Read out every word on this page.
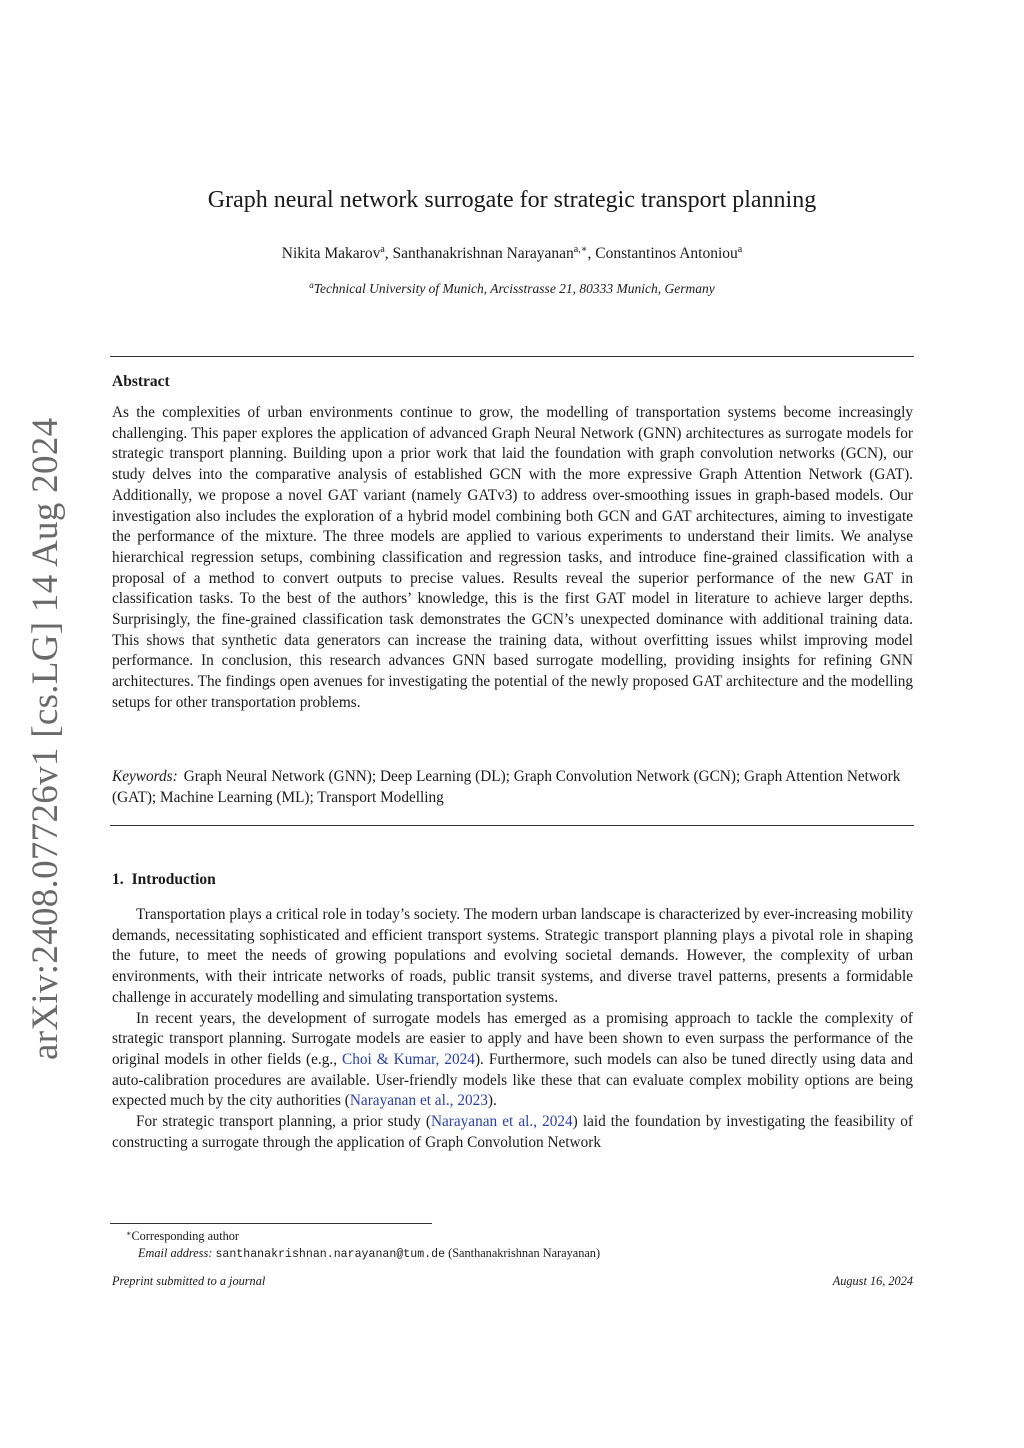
arXiv:2408.07726v1 [cs.LG] 14 Aug 2024
Graph neural network surrogate for strategic transport planning
Nikita Makarov$^a$, Santhanakrishnan Narayanan$^{a,∗}$, Constantinos Antoniou$^a$
$^a$Technical University of Munich, Arcisstrasse 21, 80333 Munich, Germany
Abstract
As the complexities of urban environments continue to grow, the modelling of transportation systems become increasingly challenging. This paper explores the application of advanced Graph Neural Network (GNN) architectures as surrogate models for strategic transport planning. Building upon a prior work that laid the foundation with graph convolution networks (GCN), our study delves into the comparative analysis of established GCN with the more expressive Graph Attention Network (GAT). Additionally, we propose a novel GAT variant (namely GATv3) to address over-smoothing issues in graph-based models. Our investigation also includes the exploration of a hybrid model combining both GCN and GAT architectures, aiming to investigate the performance of the mixture. The three models are applied to various experiments to understand their limits. We analyse hierarchical regression setups, combining classification and regression tasks, and introduce fine-grained classification with a proposal of a method to convert outputs to precise values. Results reveal the superior performance of the new GAT in classification tasks. To the best of the authors’ knowledge, this is the first GAT model in literature to achieve larger depths. Surprisingly, the fine-grained classification task demonstrates the GCN’s unexpected dominance with additional training data. This shows that synthetic data generators can increase the training data, without overfitting issues whilst improving model performance. In conclusion, this research advances GNN based surrogate modelling, providing insights for refining GNN architectures. The findings open avenues for investigating the potential of the newly proposed GAT architecture and the modelling setups for other transportation problems.
Keywords: Graph Neural Network (GNN); Deep Learning (DL); Graph Convolution Network (GCN); Graph Attention Network (GAT); Machine Learning (ML); Transport Modelling
1. Introduction

Transportation plays a critical role in today’s society. The modern urban landscape is characterized by ever-increasing mobility demands, necessitating sophisticated and efficient transport systems. Strategic transport planning plays a pivotal role in shaping the future, to meet the needs of growing populations and evolving societal demands. However, the complexity of urban environments, with their intricate networks of roads, public transit systems, and diverse travel patterns, presents a formidable challenge in accurately modelling and simulating transportation systems.

In recent years, the development of surrogate models has emerged as a promising approach to tackle the complexity of strategic transport planning. Surrogate models are easier to apply and have been shown to even surpass the performance of the original models in other fields (e.g., Choi & Kumar, 2024). Furthermore, such models can also be tuned directly using data and auto-calibration procedures are available. User-friendly models like these that can evaluate complex mobility options are being expected much by the city authorities (Narayanan et al., 2023).

For strategic transport planning, a prior study (Narayanan et al., 2024) laid the foundation by investigating the feasibility of constructing a surrogate through the application of Graph Convolution Network

∗Corresponding author
Email address: santhanakrishnan.narayanan@tum.de (Santhanakrishnan Narayanan)
Preprint submitted to a journal	August 16, 2024
